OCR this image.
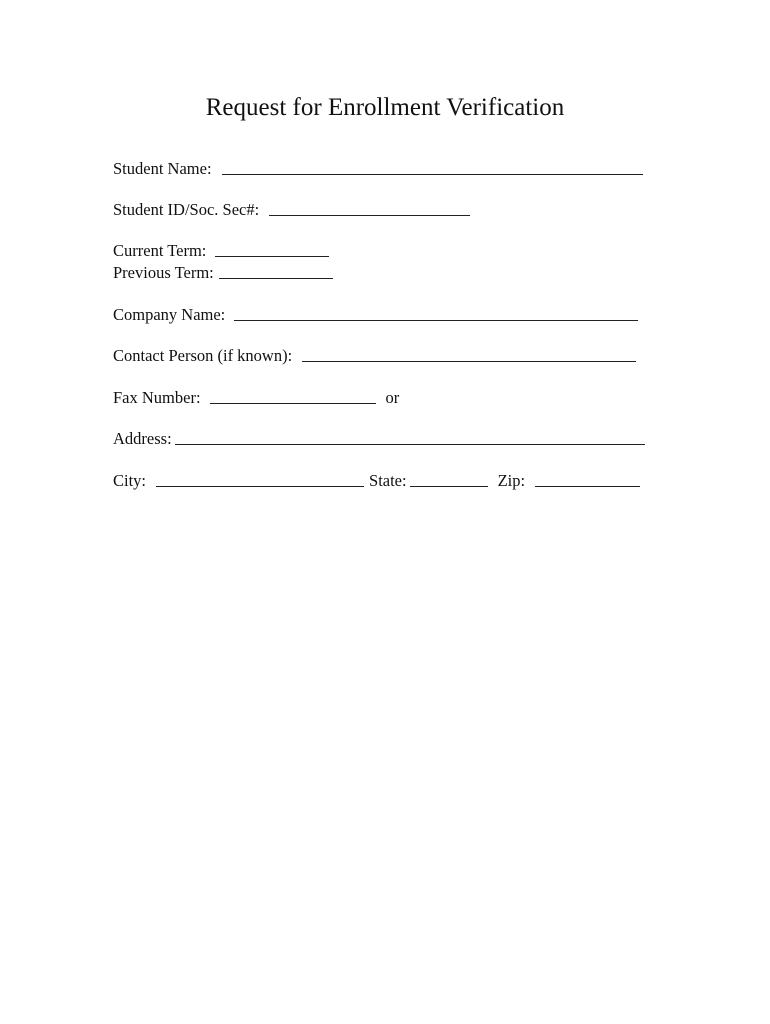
Request for Enrollment Verification
Student Name:
Student ID/Soc. Sec#:
Current Term:
Previous Term:
Company Name:
Contact Person (if known):
Fax Number:	or
Address:
City:	State:	Zip:
